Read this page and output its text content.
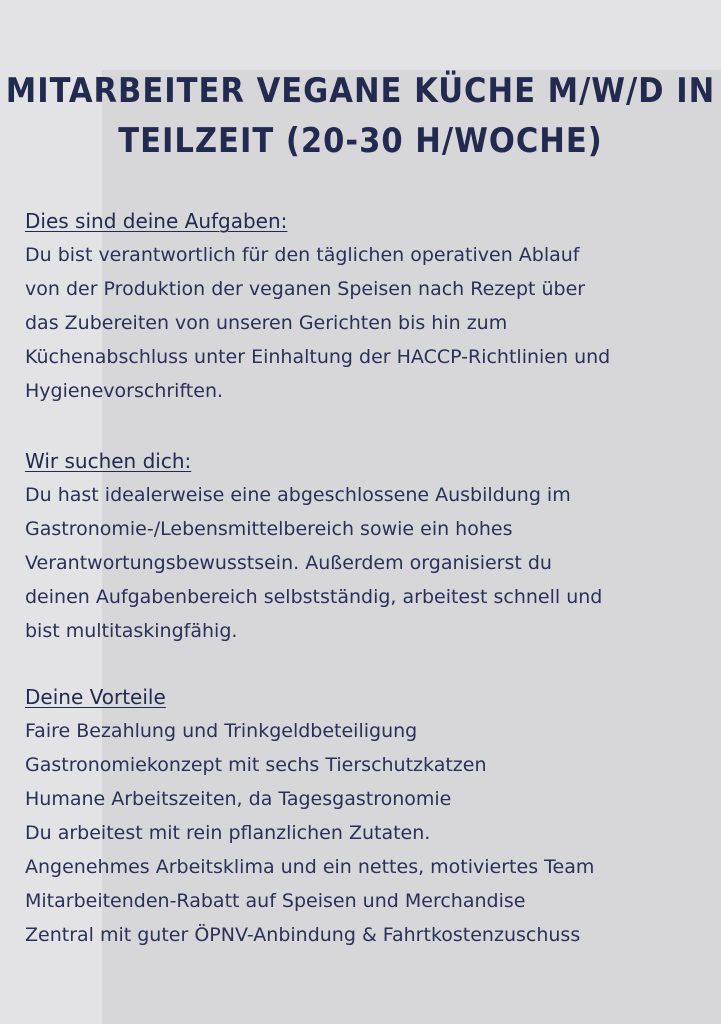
MITARBEITER VEGANE KÜCHE M/W/D IN TEILZEIT (20-30 H/WOCHE)
Dies sind deine Aufgaben:
Du bist verantwortlich für den täglichen operativen Ablauf
von der Produktion der veganen Speisen nach Rezept über
das Zubereiten von unseren Gerichten bis hin zum
Küchenabschluss unter Einhaltung der HACCP-Richtlinien und
Hygienevorschriften.
Wir suchen dich:
Du hast idealerweise eine abgeschlossene Ausbildung im
Gastronomie-/Lebensmittelbereich sowie ein hohes
Verantwortungsbewusstsein. Außerdem organisierst du
deinen Aufgabenbereich selbstständig, arbeitest schnell und
bist multitaskingfähig.
Deine Vorteile
Faire Bezahlung und Trinkgeldbeteiligung
Gastronomiekonzept mit sechs Tierschutzkatzen
Humane Arbeitszeiten, da Tagesgastronomie
Du arbeitest mit rein pflanzlichen Zutaten.
Angenehmes Arbeitsklima und ein nettes, motiviertes Team
Mitarbeitenden-Rabatt auf Speisen und Merchandise
Zentral mit guter ÖPNV-Anbindung & Fahrtkostenzuschuss
